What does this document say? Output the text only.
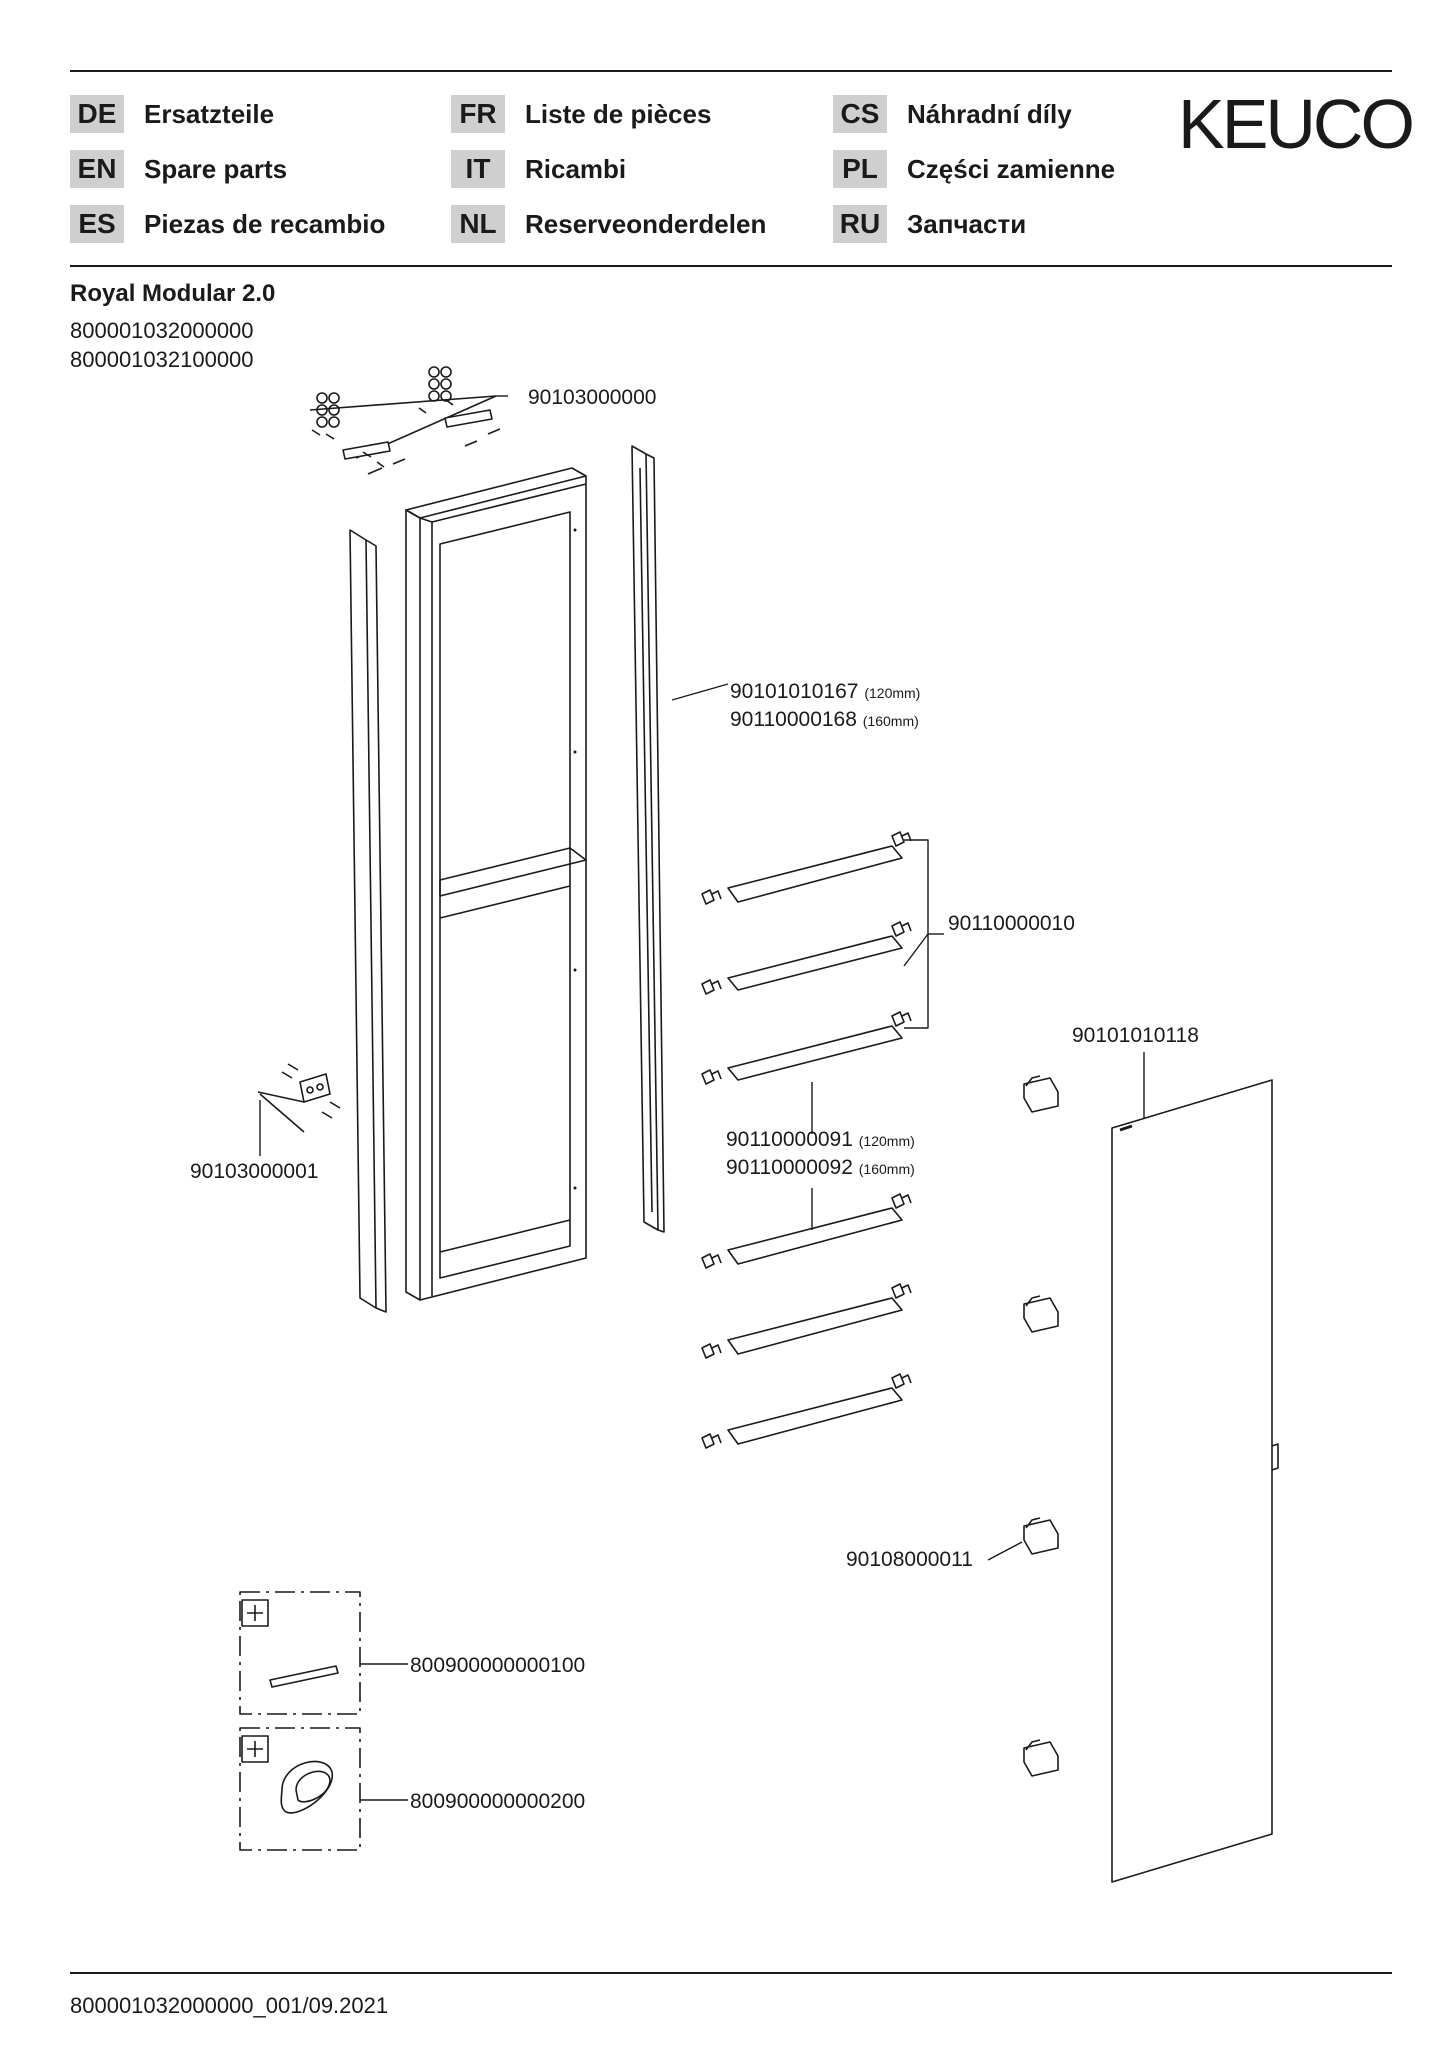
DE Ersatzteile
EN Spare parts
ES	Piezas de recambio
FR	Liste de pièces
IT	Ricambi
NL	Reserveonderdelen
CS Náhradní díly
PL	Części zamienne
RU Запчасти
KEUCO
Royal Modular 2.0
800001032000000
800001032100000
90103000000
90101010167 (120mm)
90110000168 (160mm)
90110000010
90110000091 (120mm)
90110000092 (160mm)
90101010118
90103000001
90108000011
800900000000100
800900000000200
800001032000000_001/09.2021
